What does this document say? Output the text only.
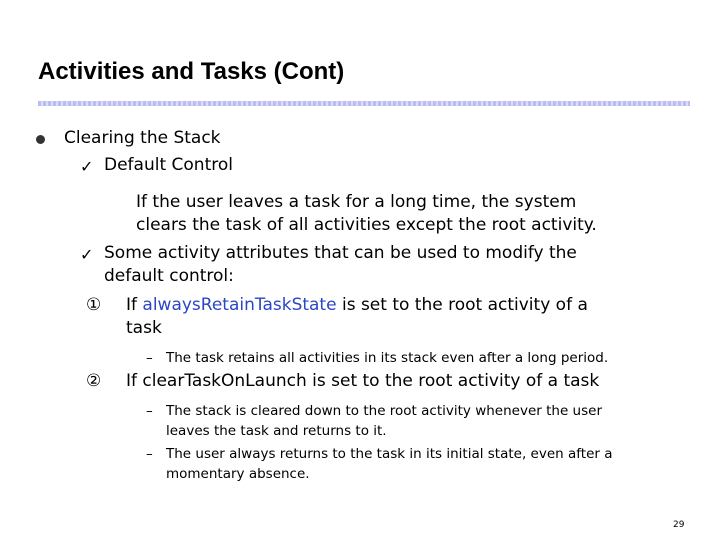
Activities and Tasks (Cont)
Clearing the Stack
✓ Default Control
If the user leaves a task for a long time, the system
clears the task of all activities except the root activity.
✓ Some activity attributes that can be used to modify the
default control:
① If alwaysRetainTaskState is set to the root activity of a
task
– The task retains all activities in its stack even after a long period.
② If clearTaskOnLaunch is set to the root activity of a task
– The stack is cleared down to the root activity whenever the user
leaves the task and returns to it.
– The user always returns to the task in its initial state, even after a
momentary absence.
29
